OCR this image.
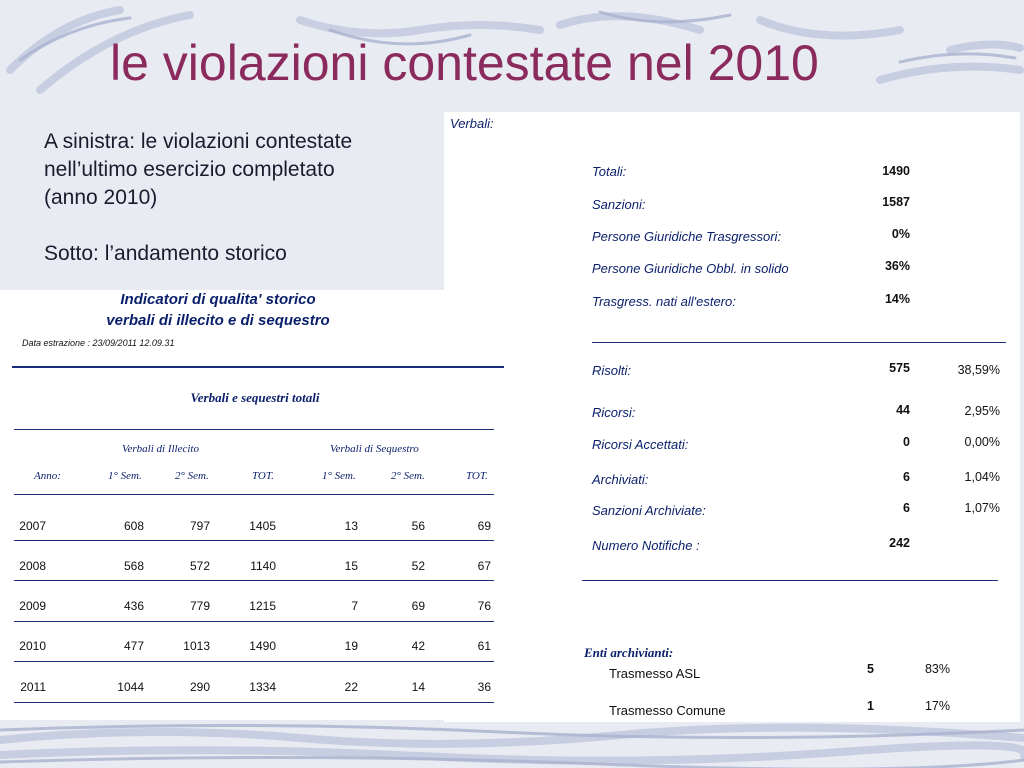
le violazioni contestate nel 2010

A sinistra: le violazioni contestate

nell’ultimo esercizio completato

(anno 2010)

Sotto: l’andamento storico

Verbali:
Totali:	1490
Sanzioni:	1587
Persone Giuridiche Trasgressori:	0%
Persone Giuridiche Obbl. in solido	36%
Trasgress. nati all'estero:	14%
Risolti:	575	38,59%
Ricorsi:	44	2,95%
Ricorsi Accettati:	0	0,00%
Archiviati:	6	1,04%
Sanzioni Archiviate:	6	1,07%
Numero Notifiche :	242
Enti archivianti:
Trasmesso ASL	5	83%
Trasmesso Comune	1	17%
Indicatori di qualita' storico
verbali di illecito e di sequestro
Data estrazione : 23/09/2011 12.09.31
Verbali e sequestri totali
Verbali di Illecito	Verbali di Sequestro
Anno:	1° Sem.	2° Sem.	TOT.	1° Sem.	2° Sem.	TOT.
2007	608	797	1405	13	56	69
2008	568	572	1140	15	52	67
2009	436	779	1215	7	69	76
2010	477	1013	1490	19	42	61
2011	1044	290	1334	22	14	36
